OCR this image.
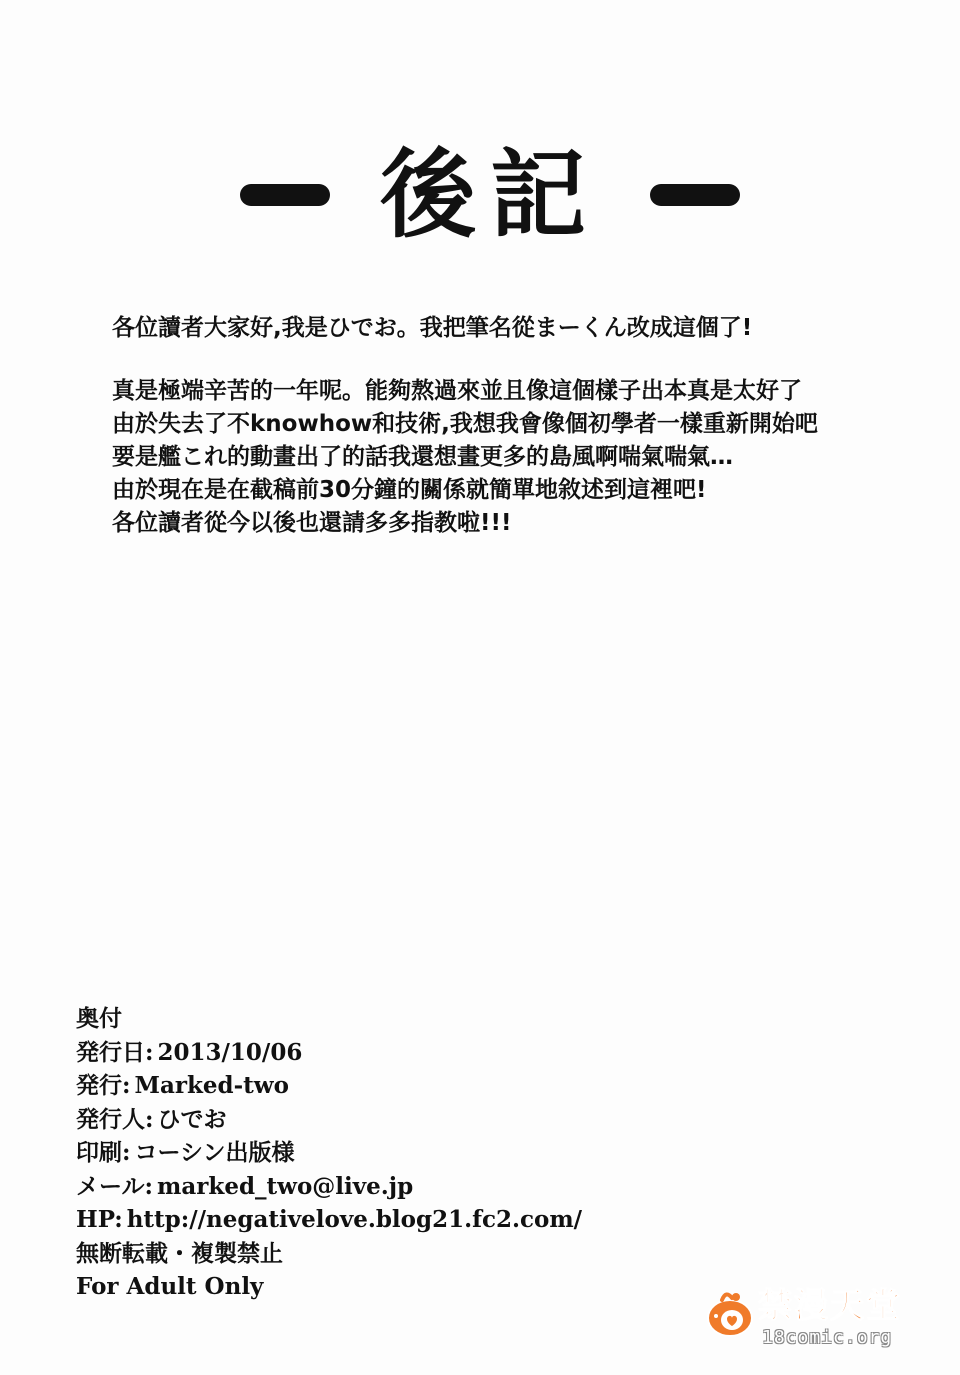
後記
各位讀者大家好,我是ひでお。我把筆名從まーくん改成這個了!
真是極端辛苦的一年呢。能夠熬過來並且像這個樣子出本真是太好了
由於失去了不knowhow和技術,我想我會像個初學者一樣重新開始吧
要是艦これ的動畫出了的話我還想畫更多的島風啊喘氣喘氣…
由於現在是在截稿前30分鐘的關係就簡單地敘述到這裡吧!
各位讀者從今以後也還請多多指教啦!!!
奥付
発行日: 2013/10/06
発行: Marked-two
発行人: ひでお
印刷: コーシン出版様
メール: marked_two@live.jp
HP: http://negativelove.blog21.fc2.com/
無断転載・複製禁止
For Adult Only	禁漫天堂
18comic.org
